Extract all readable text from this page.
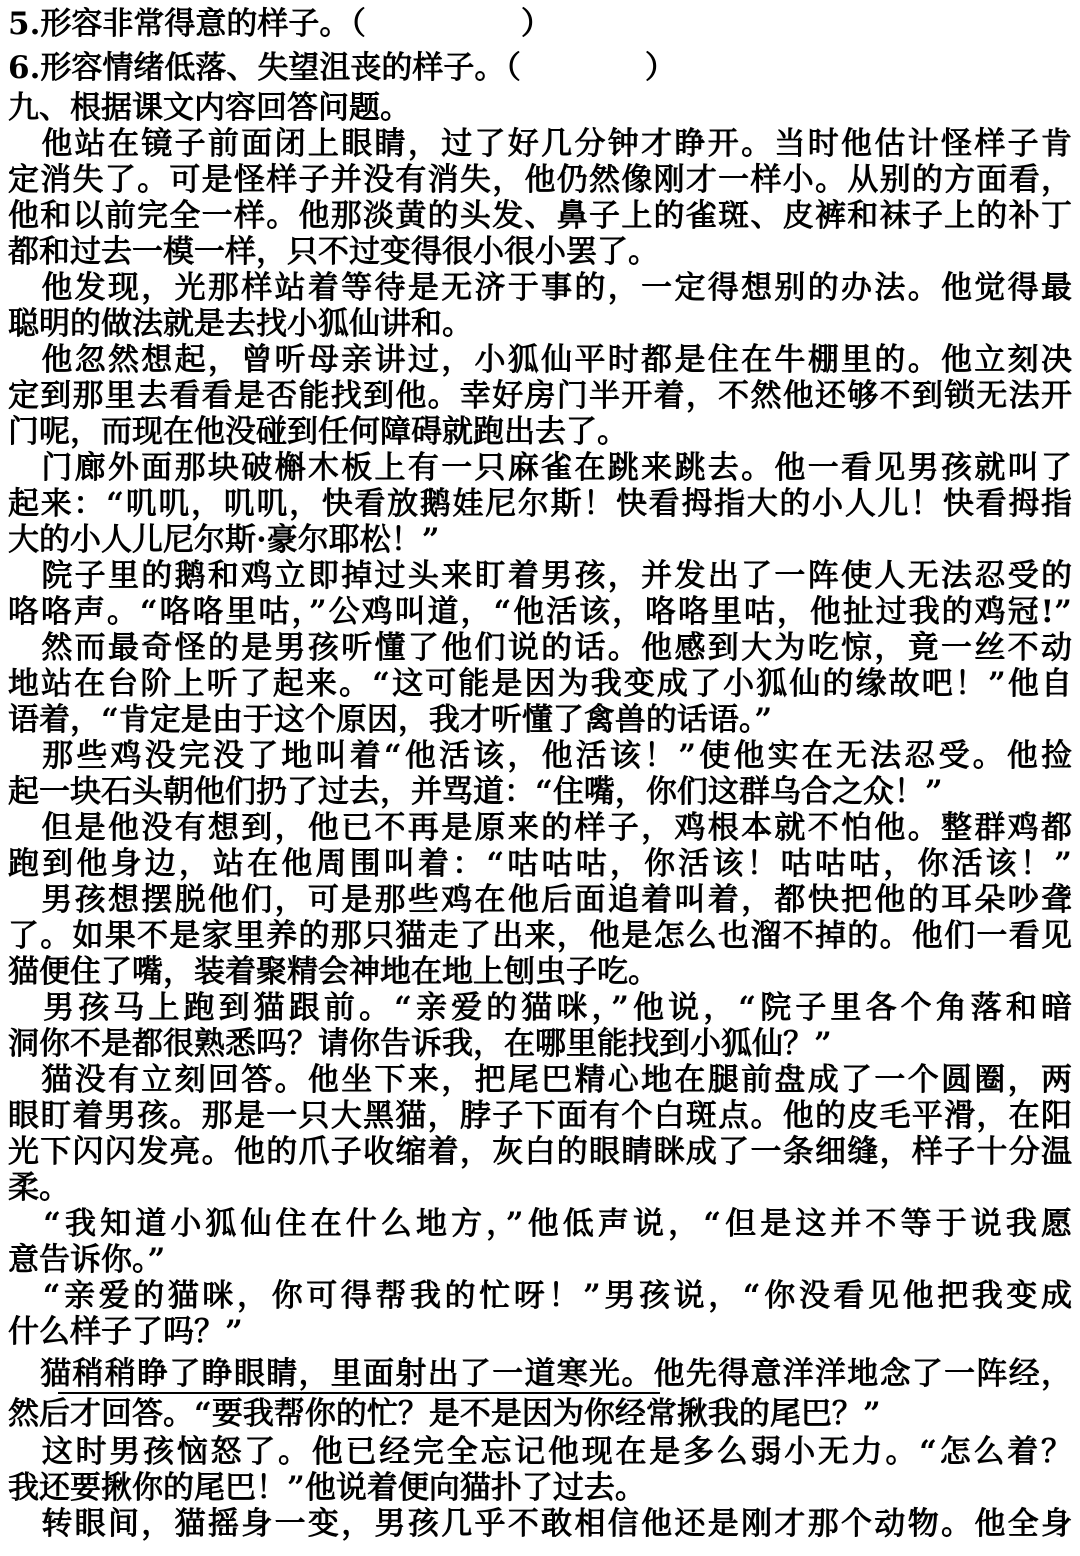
5.形容非常得意的样子。（　　　　　）
6.形容情绪低落、失望沮丧的样子。（　　　　）
九、根据课文内容回答问题。
　他站在镜子前面闭上眼睛，过了好几分钟才睁开。当时他估计怪样子肯
定消失了。可是怪样子并没有消失，他仍然像刚才一样小。从别的方面看，
他和以前完全一样。他那淡黄的头发、鼻子上的雀斑、皮裤和袜子上的补丁
都和过去一模一样，只不过变得很小很小罢了。
　他发现，光那样站着等待是无济于事的，一定得想别的办法。他觉得最
聪明的做法就是去找小狐仙讲和。
　他忽然想起，曾听母亲讲过，小狐仙平时都是住在牛棚里的。他立刻决
定到那里去看看是否能找到他。幸好房门半开着，不然他还够不到锁无法开
门呢，而现在他没碰到任何障碍就跑出去了。
　门廊外面那块破槲木板上有一只麻雀在跳来跳去。他一看见男孩就叫了
起来：“叽叽，叽叽，快看放鹅娃尼尔斯！快看拇指大的小人儿！快看拇指
大的小人儿尼尔斯·豪尔耶松！”
　院子里的鹅和鸡立即掉过头来盯着男孩，并发出了一阵使人无法忍受的
咯咯声。“咯咯里咕，”公鸡叫道，“他活该，咯咯里咕，他扯过我的鸡冠!”
　然而最奇怪的是男孩听懂了他们说的话。他感到大为吃惊，竟一丝不动
地站在台阶上听了起来。“这可能是因为我变成了小狐仙的缘故吧！”他自
语着，“肯定是由于这个原因，我才听懂了禽兽的话语。”
　那些鸡没完没了地叫着“他活该，他活该！”使他实在无法忍受。他捡
起一块石头朝他们扔了过去，并骂道：“住嘴，你们这群乌合之众！”
　但是他没有想到，他已不再是原来的样子，鸡根本就不怕他。整群鸡都
跑到他身边，站在他周围叫着：“咕咕咕，你活该！咕咕咕，你活该！”
　男孩想摆脱他们，可是那些鸡在他后面追着叫着，都快把他的耳朵吵聋
了。如果不是家里养的那只猫走了出来，他是怎么也溜不掉的。他们一看见
猫便住了嘴，装着聚精会神地在地上刨虫子吃。
　男孩马上跑到猫跟前。“亲爱的猫咪，”他说，“院子里各个角落和暗
洞你不是都很熟悉吗？请你告诉我，在哪里能找到小狐仙？”
　猫没有立刻回答。他坐下来，把尾巴精心地在腿前盘成了一个圆圈，两
眼盯着男孩。那是一只大黑猫，脖子下面有个白斑点。他的皮毛平滑，在阳
光下闪闪发亮。他的爪子收缩着，灰白的眼睛眯成了一条细缝，样子十分温
柔。
　“我知道小狐仙住在什么地方，”他低声说，“但是这并不等于说我愿
意告诉你。”
　“亲爱的猫咪，你可得帮我的忙呀！”男孩说，“你没看见他把我变成
什么样子了吗？”
　猫稍稍睁了睁眼睛，里面射出了一道寒光。他先得意洋洋地念了一阵经，
然后才回答。“要我帮你的忙？是不是因为你经常揪我的尾巴？”
　这时男孩恼怒了。他已经完全忘记他现在是多么弱小无力。“怎么着？
我还要揪你的尾巴！”他说着便向猫扑了过去。
　转眼间，猫摇身一变，男孩几乎不敢相信他还是刚才那个动物。他全身
